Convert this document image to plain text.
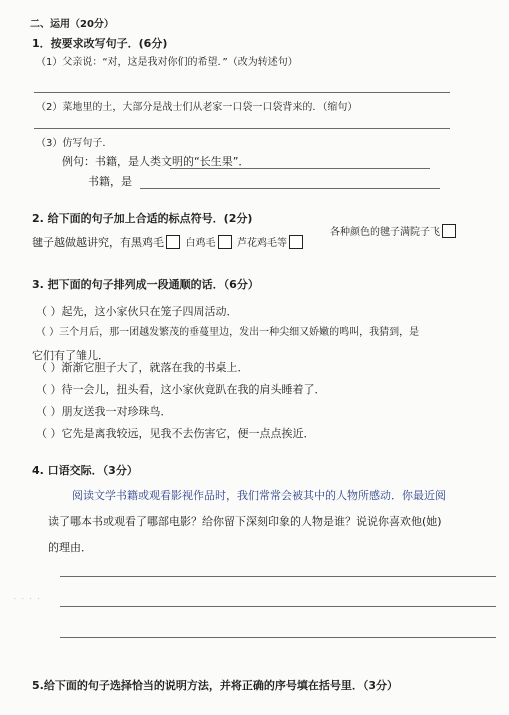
二、运用（20分）
1．按要求改写句子．(6分)
（1）父亲说：“对，这是我对你们的希望．”（改为转述句）
（2）菜地里的土，大部分是战士们从老家一口袋一口袋背来的．（缩句）
（3）仿写句子．
例句：书籍，是人类文明的“长生果”．
书籍，是
2. 给下面的句子加上合适的标点符号．(2分)
各种颜色的毽子满院子飞
毽子越做越讲究，有黑鸡毛 白鸡毛 芦花鸡毛等
3. 把下面的句子排列成一段通顺的话．（6分）
（ ）起先，这小家伙只在笼子四周活动．
（ ）三个月后，那一团越发繁茂的垂蔓里边，发出一种尖细又娇嫩的鸣叫，我猜到，是
它们有了雏儿．
（ ）渐渐它胆子大了，就落在我的书桌上．
（ ）待一会儿，扭头看，这小家伙竟趴在我的肩头睡着了．
（ ）朋友送我一对珍珠鸟．
（ ）它先是离我较远，见我不去伤害它，便一点点挨近．
4. 口语交际．（3分）
阅读文学书籍或观看影视作品时，我们常常会被其中的人物所感动．你最近阅
读了哪本书或观看了哪部电影？给你留下深刻印象的人物是谁？说说你喜欢他(她)
的理由．
· · · ·
5.给下面的句子选择恰当的说明方法，并将正确的序号填在括号里．（3分）
